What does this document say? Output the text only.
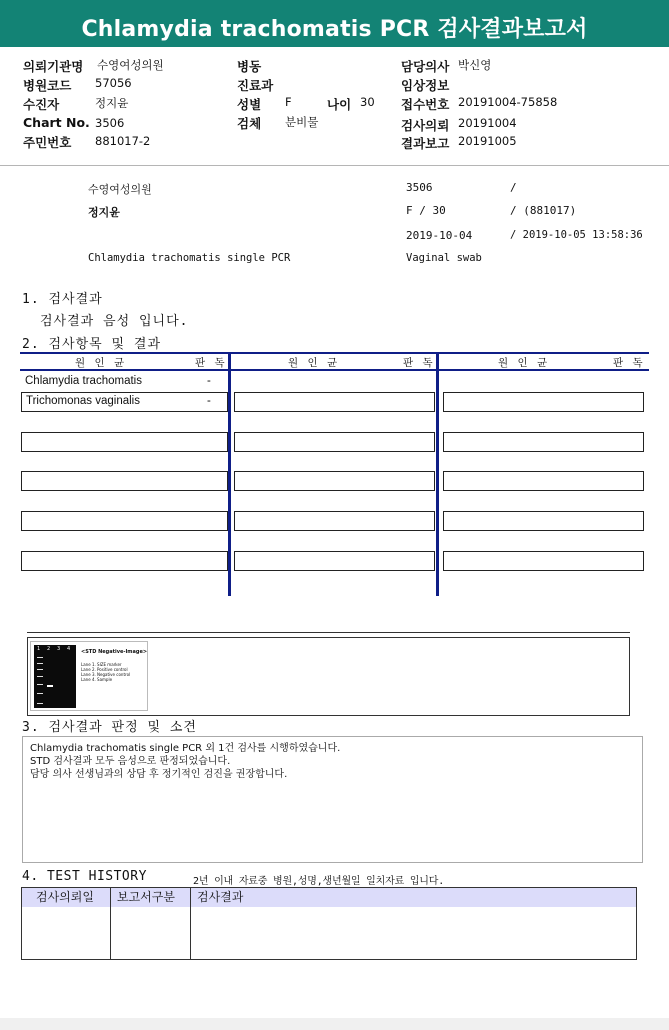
Chlamydia trachomatis PCR 검사결과보고서
의뢰기관명 수영여성의원
병원코드 57056
수진자	정지윤
Chart No. 3506
주민번호 881017-2
병동
진료과
성별 F	나이 30
검체 분비물
담당의사 박신영
임상정보
접수번호 20191004-75858
검사의뢰 20191004
결과보고 20191005
수영여성의원	3506	/
정지윤	F / 30	/ (881017)
2019-10-04	/ 2019-10-05 13:58:36
Chlamydia trachomatis single PCR	Vaginal swab
1. 검사결과
검사결과 음성 입니다.
2. 검사항목 및 결과
원 인 균	판 독	원 인 균	판 독	원 인 균	판 독
Chlamydia trachomatis	-
Trichomonas vaginalis	-
1 2 3 4 <STD Negative-Image>
Lane 1. SIZE marker
Lane 2. Positive control
Lane 3. Negative control
Lane 4. Sample
3. 검사결과 판정 및 소견
Chlamydia trachomatis single PCR 외 1건 검사를 시행하였습니다.
STD 검사결과 모두 음성으로 판정되었습니다.
담당 의사 선생님과의 상담 후 정기적인 검진을 권장합니다.
4. TEST HISTORY	2년 이내 자료중 병원,성명,생년월일 일치자료 입니다.
검사의뢰일	보고서구분	검사결과
